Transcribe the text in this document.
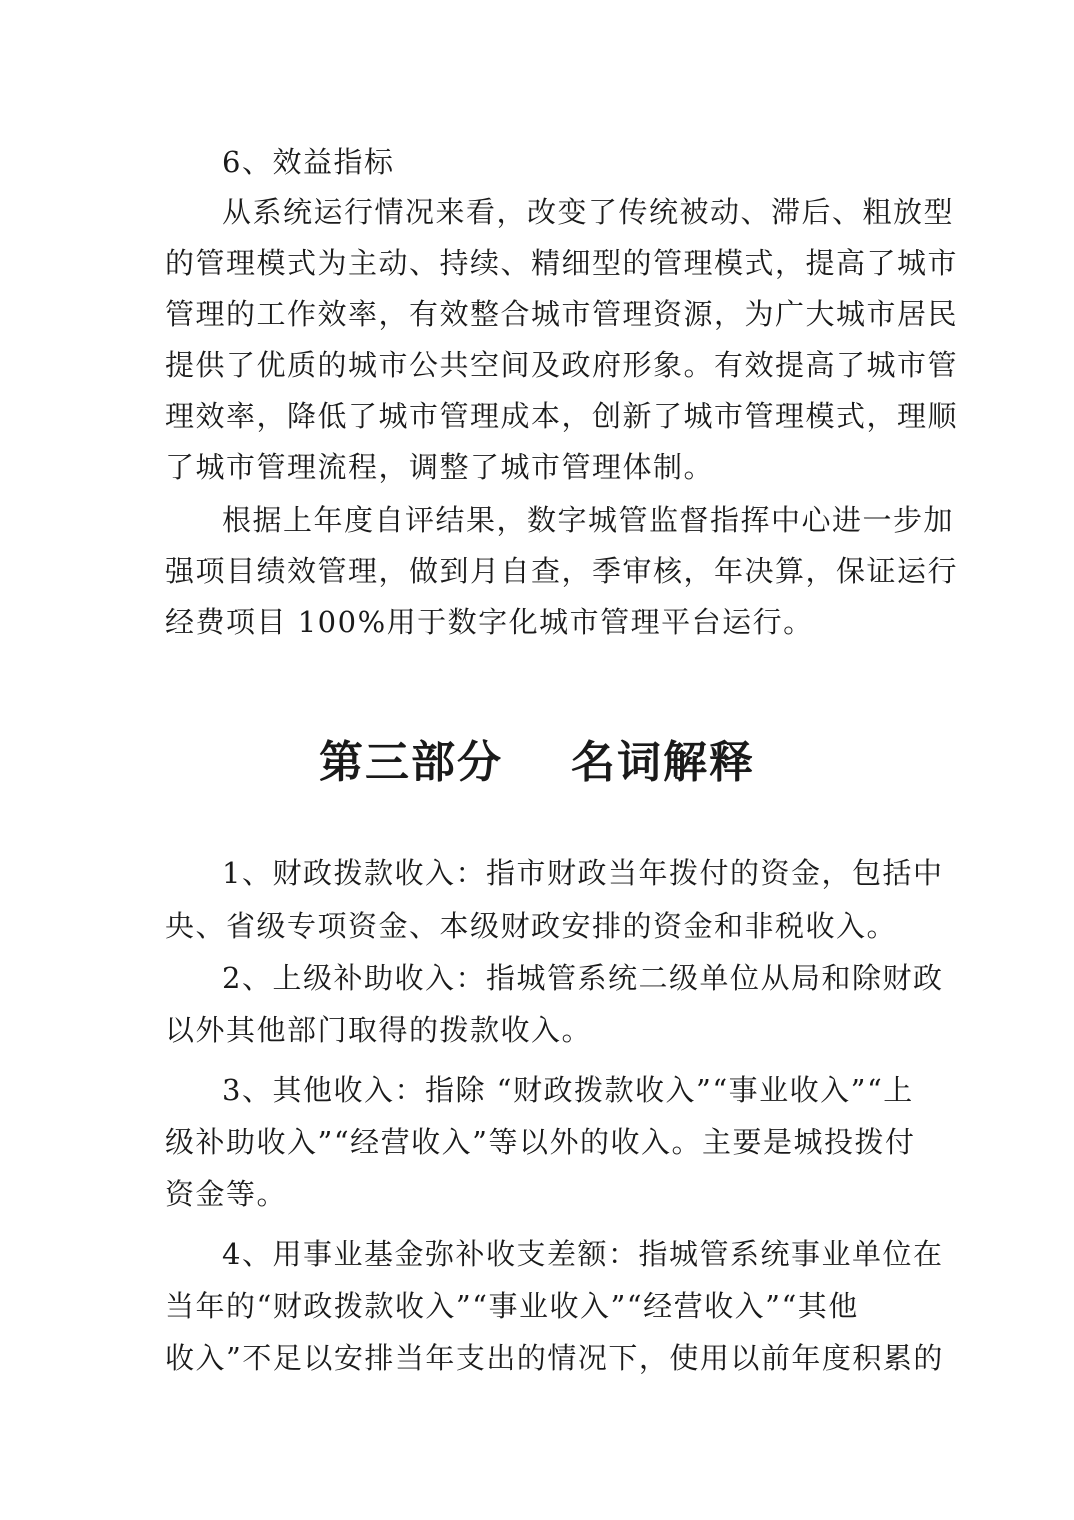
6、效益指标
从系统运行情况来看，改变了传统被动、滞后、粗放型
的管理模式为主动、持续、精细型的管理模式，提高了城市
管理的工作效率，有效整合城市管理资源，为广大城市居民
提供了优质的城市公共空间及政府形象。有效提高了城市管
理效率，降低了城市管理成本，创新了城市管理模式，理顺
了城市管理流程，调整了城市管理体制。
根据上年度自评结果，数字城管监督指挥中心进一步加
强项目绩效管理，做到月自查，季审核，年决算，保证运行
经费项目 100%用于数字化城市管理平台运行。
第三部分 名词解释
1、财政拨款收入：指市财政当年拨付的资金，包括中
央、省级专项资金、本级财政安排的资金和非税收入。
2、上级补助收入：指城管系统二级单位从局和除财政
以外其他部门取得的拨款收入。
3、其他收入：指除 “财政拨款收入”“事业收入”“上
级补助收入”“经营收入”等以外的收入。主要是城投拨付
资金等。
4、用事业基金弥补收支差额：指城管系统事业单位在
当年的“财政拨款收入”“事业收入”“经营收入”“其他
收入”不足以安排当年支出的情况下，使用以前年度积累的
